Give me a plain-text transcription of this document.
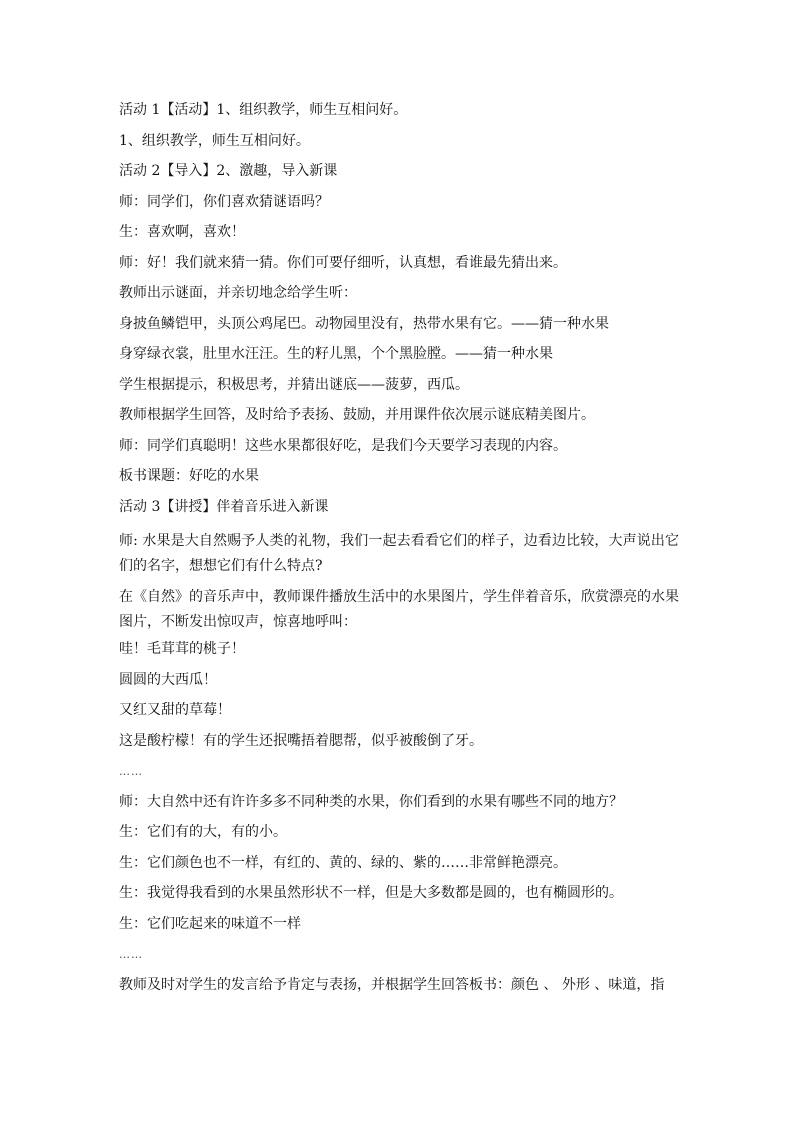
活动 1【活动】1、组织教学，师生互相问好。
1、组织教学，师生互相问好。
活动 2【导入】2、激趣，导入新课
师：同学们，你们喜欢猜谜语吗？
生：喜欢啊，喜欢！
师：好！我们就来猜一猜。你们可要仔细听，认真想，看谁最先猜出来。
教师出示谜面，并亲切地念给学生听：
身披鱼鳞铠甲，头顶公鸡尾巴。动物园里没有，热带水果有它。——猜一种水果
身穿绿衣裳，肚里水汪汪。生的籽儿黑，个个黑脸膛。——猜一种水果
学生根据提示，积极思考，并猜出谜底——菠萝，西瓜。
教师根据学生回答，及时给予表扬、鼓励，并用课件依次展示谜底精美图片。
师：同学们真聪明！这些水果都很好吃，是我们今天要学习表现的内容。
板书课题：好吃的水果
活动 3【讲授】伴着音乐进入新课
师: 水果是大自然赐予人类的礼物，我们一起去看看它们的样子，边看边比较，大声说出它们的名字，想想它们有什么特点?
在《自然》的音乐声中，教师课件播放生活中的水果图片，学生伴着音乐，欣赏漂亮的水果图片，不断发出惊叹声，惊喜地呼叫：
哇！毛茸茸的桃子！
圆圆的大西瓜！
又红又甜的草莓！
这是酸柠檬！有的学生还抿嘴捂着腮帮，似乎被酸倒了牙。
……
师：大自然中还有许许多多不同种类的水果，你们看到的水果有哪些不同的地方？
生：它们有的大，有的小。
生：它们颜色也不一样，有红的、黄的、绿的、紫的……非常鲜艳漂亮。
生：我觉得我看到的水果虽然形状不一样，但是大多数都是圆的，也有椭圆形的。
生：它们吃起来的味道不一样
……
教师及时对学生的发言给予肯定与表扬，并根据学生回答板书：颜色 、 外形 、味道，指
